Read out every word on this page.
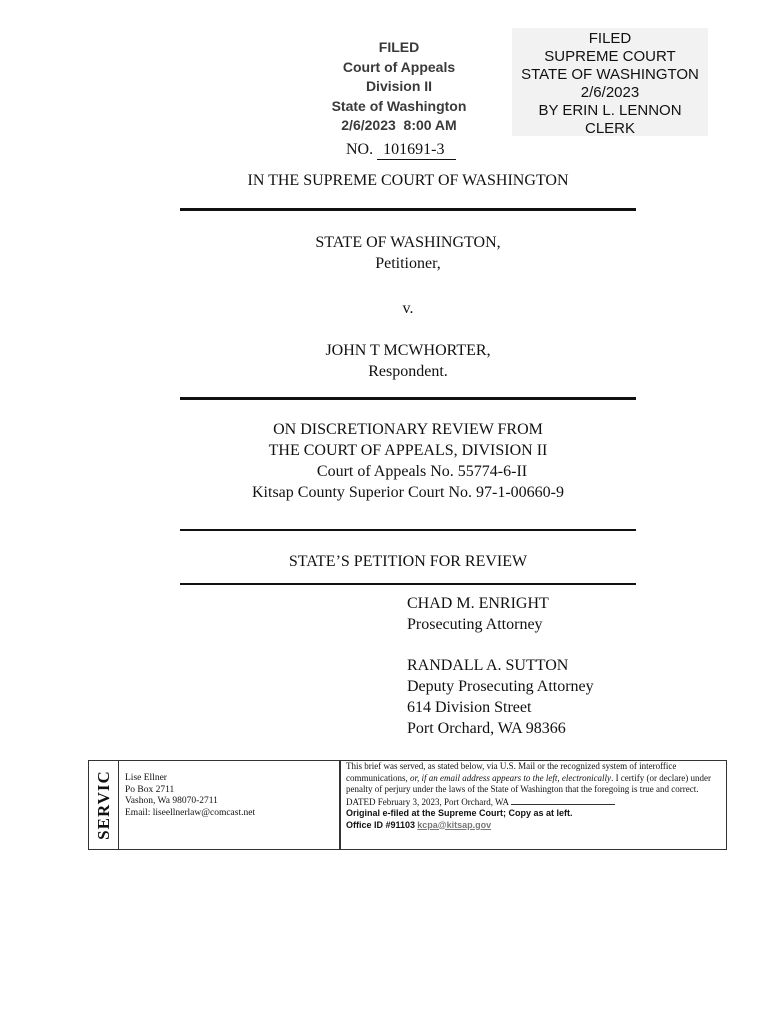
FILED
Court of Appeals
Division II
State of Washington
2/6/2023  8:00 AM
FILED
SUPREME COURT
STATE OF WASHINGTON
2/6/2023
BY ERIN L. LENNON
CLERK
NO. 101691-3
IN THE SUPREME COURT OF WASHINGTON
STATE OF WASHINGTON,
Petitioner,
v.
JOHN T MCWHORTER,
Respondent.
ON DISCRETIONARY REVIEW FROM
THE COURT OF APPEALS, DIVISION II
Court of Appeals No. 55774-6-II
Kitsap County Superior Court No. 97-1-00660-9
STATE’S PETITION FOR REVIEW
CHAD M. ENRIGHT
Prosecuting Attorney
RANDALL A. SUTTON
Deputy Prosecuting Attorney
614 Division Street
Port Orchard, WA 98366
SERVIC Lise Ellner
Po Box 2711
Vashon, Wa 98070-2711
Email: liseellnerlaw@comcast.net
This brief was served, as stated below, via U.S. Mail or the recognized system of interoffice communications, or, if an email address appears to the left, electronically. I certify (or declare) under penalty of perjury under the laws of the State of Washington that the foregoing is true and correct.
DATED February 3, 2023, Port Orchard, WA
Original e-filed at the Supreme Court; Copy as at left.
Office ID #91103 kcpa@kitsap.gov
